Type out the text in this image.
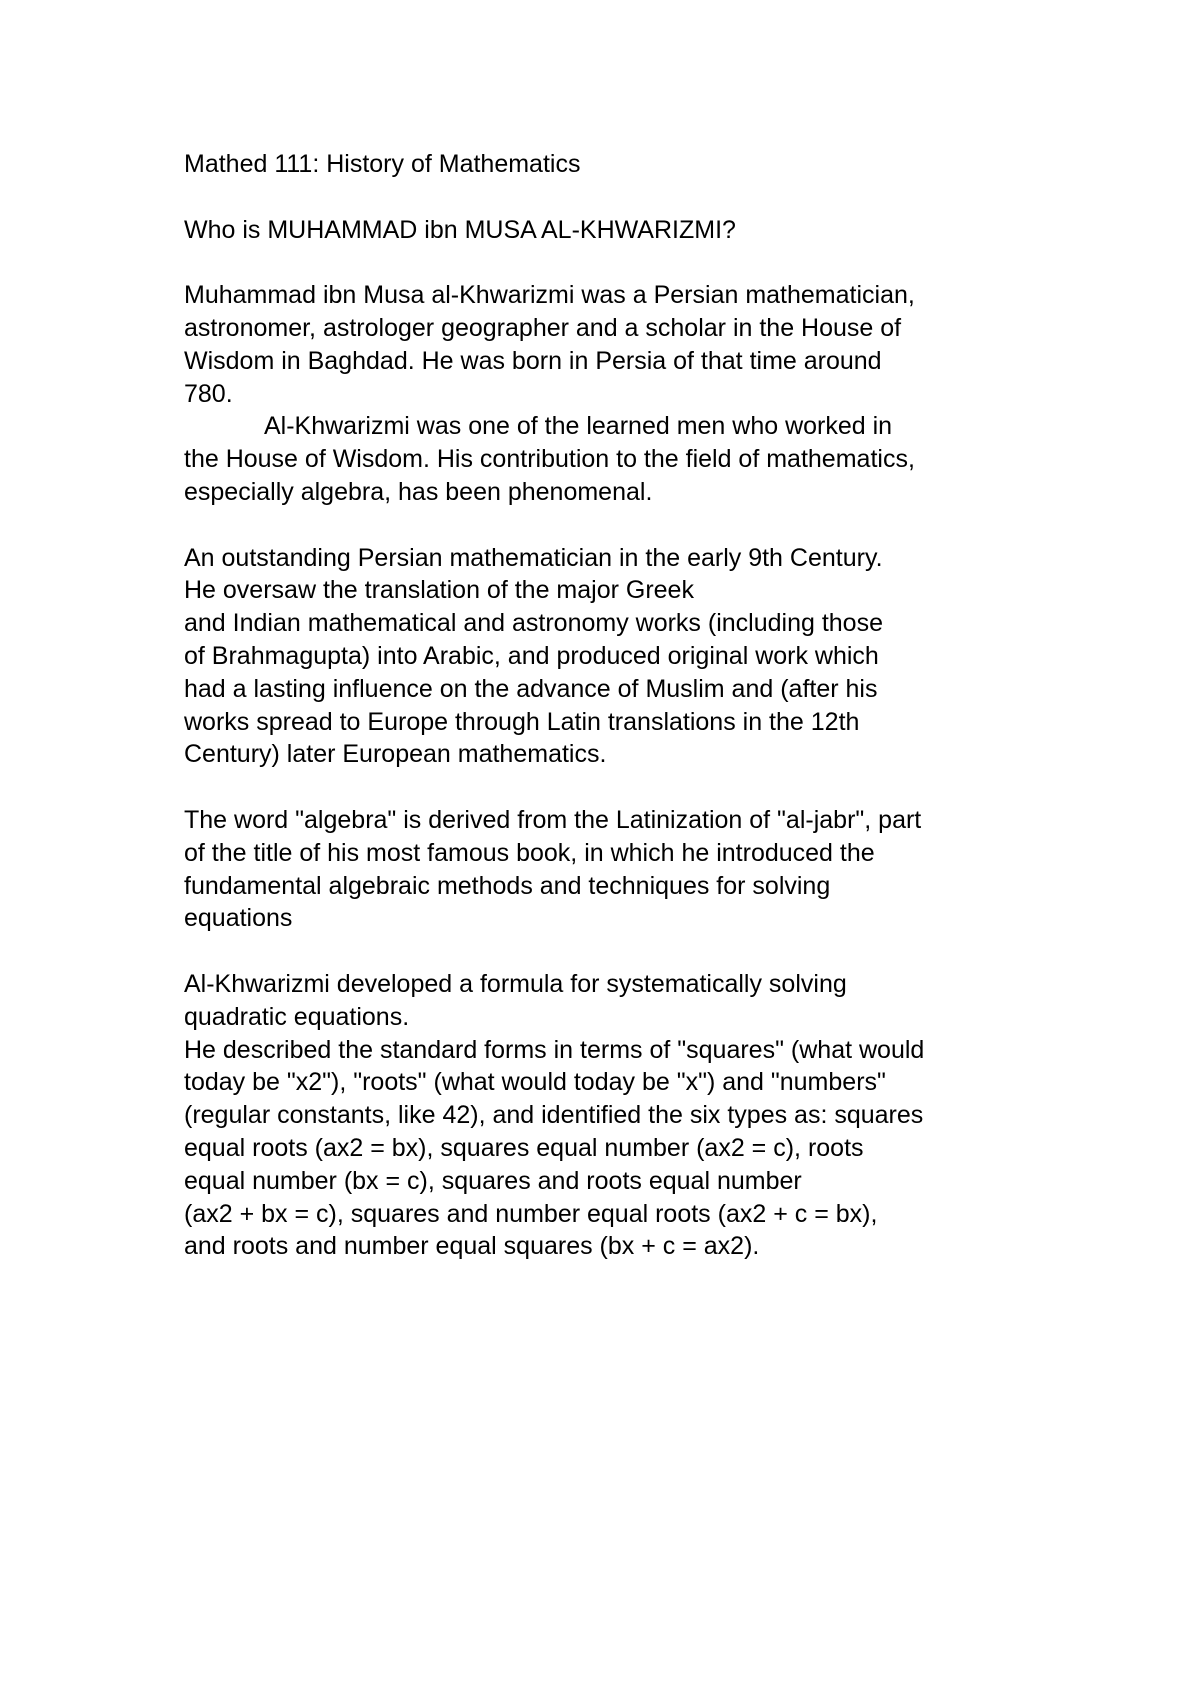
Mathed 111: History of Mathematics
Who is MUHAMMAD ibn MUSA AL-KHWARIZMI?
Muhammad ibn Musa al-Khwarizmi was a Persian mathematician,
astronomer, astrologer geographer and a scholar in the House of
Wisdom in Baghdad. He was born in Persia of that time around
780.
Al-Khwarizmi was one of the learned men who worked in
the House of Wisdom. His contribution to the field of mathematics,
especially algebra, has been phenomenal.
An outstanding Persian mathematician in the early 9th Century.
He oversaw the translation of the major Greek
and Indian mathematical and astronomy works (including those
of Brahmagupta) into Arabic, and produced original work which
had a lasting influence on the advance of Muslim and (after his
works spread to Europe through Latin translations in the 12th
Century) later European mathematics.
The word "algebra" is derived from the Latinization of "al-jabr", part
of the title of his most famous book, in which he introduced the
fundamental algebraic methods and techniques for solving
equations
Al-Khwarizmi developed a formula for systematically solving
quadratic equations.
He described the standard forms in terms of "squares" (what would
today be "x2"), "roots" (what would today be "x") and "numbers"
(regular constants, like 42), and identified the six types as: squares
equal roots (ax2 = bx), squares equal number (ax2 = c), roots
equal number (bx = c), squares and roots equal number
(ax2 + bx = c), squares and number equal roots (ax2 + c = bx),
and roots and number equal squares (bx + c = ax2).
